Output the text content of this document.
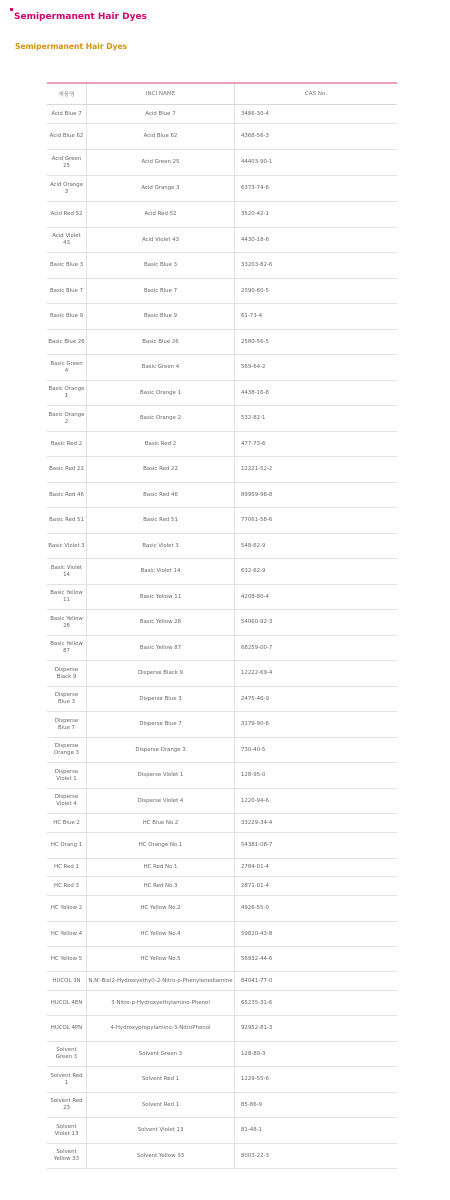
Semipermanent Hair Dyes
Semipermanent Hair Dyes
제품명	INCI NAME	CAS No.
Acid Blue 7	Acid Blue 7	3486-30-4
Acid Blue 62	Acid Blue 62	4368-56-3
Acid Green 25	Acid Green 25	44403-90-1
Acid Orange 3	Acid Orange 3	6373-74-6
Acid Red 52	Acid Red 52	3520-42-1
Acid Violet 43	Acid Violet 43	4430-18-6
Basic Blue 3	Basic Blue 3	33203-82-6
Basic Blue 7	Basic Blue 7	2390-60-5
Basic Blue 9	Basic Blue 9	61-73-4
Basic Blue 26	Basic Blue 26	2580-56-5
Basic Green 4	Basic Green 4	569-64-2
Basic Orange 1	Basic Orange 1	4438-16-8
Basic Orange 2	Basic Orange 2	532-82-1
Basic Red 2	Basic Red 2	477-73-6
Basic Red 22	Basic Red 22	12221-52-2
Basic Red 46	Basic Red 46	89959-98-8
Basic Red 51	Basic Red 51	77061-58-6
Basic Violet 3	Basic Violet 3	548-62-9
Basic Violet 14	Basic Violet 14	632-62-9
Basic Yellow 11	Basic Yellow 11	4208-80-4
Basic Yellow 28	Basic Yellow 28	54060-92-3
Basic Yellow 87	Basic Yellow 87	68259-00-7
Disperse Black 9	Disperse Black 9	12222-69-4
Disperse Blue 3	Disperse Blue 3	2475-46-9
Disperse Blue 7	Disperse Blue 7	3179-90-6
Disperse Orange 3	Disperse Orange 3	730-40-5
Disperse Violet 1	Disperse Violet 1	128-95-0
Disperse Violet 4	Disperse Violet 4	1220-94-6
HC Blue 2	HC Blue No.2	33229-34-4
HC Orang 1	HC Orange No.1	54381-08-7
HC Red 1	HC Red No.1	2784-01-4
HC Red 3	HC Red No.3	2871-01-4
HC Yellow 2	HC Yellow No.2	4926-55-0
HC Yellow 4	HC Yellow No.4	59820-43-8
HC Yellow 5	HC Yellow No.5	56932-44-6
HUCOL 3N	N,N'-Bis(2-Hydroxyethyl)-2-Nitro-p-Phenylenediamine	84041-77-0
HUCOL 4EN	3-Nitro-p-Hydroxyethylamino-Phenol	65235-31-6
HUCOL 4PN	4-Hydroxypropylamino-3-NitroPhenol	92952-81-3
Solvent Green 3	Solvent Green 3	128-80-3
Solvent Red 1	Solvent Red 1	1229-55-6
Solvent Red 23	Solvent Red 1	85-86-9
Solvent Violet 13	Solvent Violet 13	81-48-1
Solvent Yellow 33	Solvent Yellow 33	8003-22-3
